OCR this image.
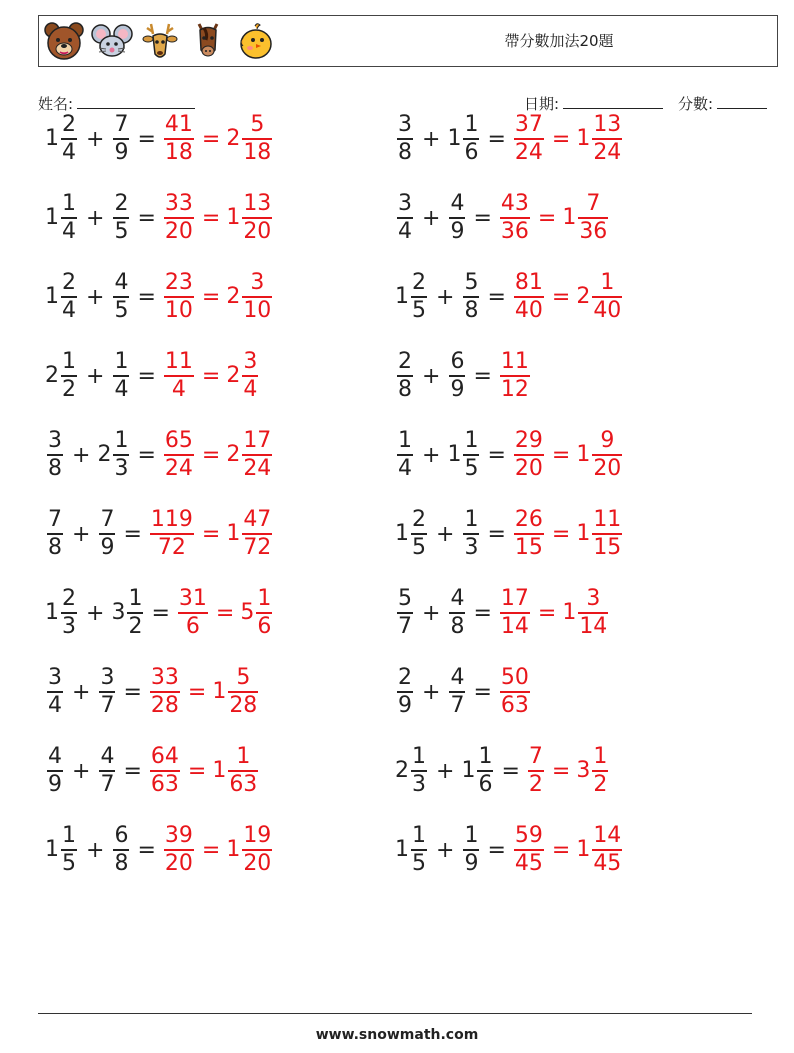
帶分數加法20題
姓名:	日期:	分數:
$1 \frac{2}{4} + \frac{7}{9} = \frac{41}{18} = 2 \frac{5}{18}$	$\frac{3}{8} + 1 \frac{1}{6} = \frac{37}{24} = 1 \frac{13}{24}$
$1 \frac{1}{4} + \frac{2}{5} = \frac{33}{20} = 1 \frac{13}{20}$	$\frac{3}{4} + \frac{4}{9} = \frac{43}{36} = 1 \frac{7}{36}$
$1 \frac{2}{4} + \frac{4}{5} = \frac{23}{10} = 2 \frac{3}{10}$	$1 \frac{2}{5} + \frac{5}{8} = \frac{81}{40} = 2 \frac{1}{40}$
$2 \frac{1}{2} + \frac{1}{4} = \frac{11}{4} = 2 \frac{3}{4}$	$\frac{2}{8} + \frac{6}{9} = \frac{11}{12}$
$\frac{3}{8} + 2 \frac{1}{3} = \frac{65}{24} = 2 \frac{17}{24}$	$\frac{1}{4} + 1 \frac{1}{5} = \frac{29}{20} = 1 \frac{9}{20}$
$\frac{7}{8} + \frac{7}{9} = \frac{119}{72} = 1 \frac{47}{72}$	$1 \frac{2}{5} + \frac{1}{3} = \frac{26}{15} = 1 \frac{11}{15}$
$1 \frac{2}{3} + 3 \frac{1}{2} = \frac{31}{6} = 5 \frac{1}{6}$	$\frac{5}{7} + \frac{4}{8} = \frac{17}{14} = 1 \frac{3}{14}$
$\frac{3}{4} + \frac{3}{7} = \frac{33}{28} = 1 \frac{5}{28}$	$\frac{2}{9} + \frac{4}{7} = \frac{50}{63}$
$\frac{4}{9} + \frac{4}{7} = \frac{64}{63} = 1 \frac{1}{63}$	$2 \frac{1}{3} + 1 \frac{1}{6} = \frac{7}{2} = 3 \frac{1}{2}$
$1 \frac{1}{5} + \frac{6}{8} = \frac{39}{20} = 1 \frac{19}{20}$	$1 \frac{1}{5} + \frac{1}{9} = \frac{59}{45} = 1 \frac{14}{45}$
www.snowmath.com
